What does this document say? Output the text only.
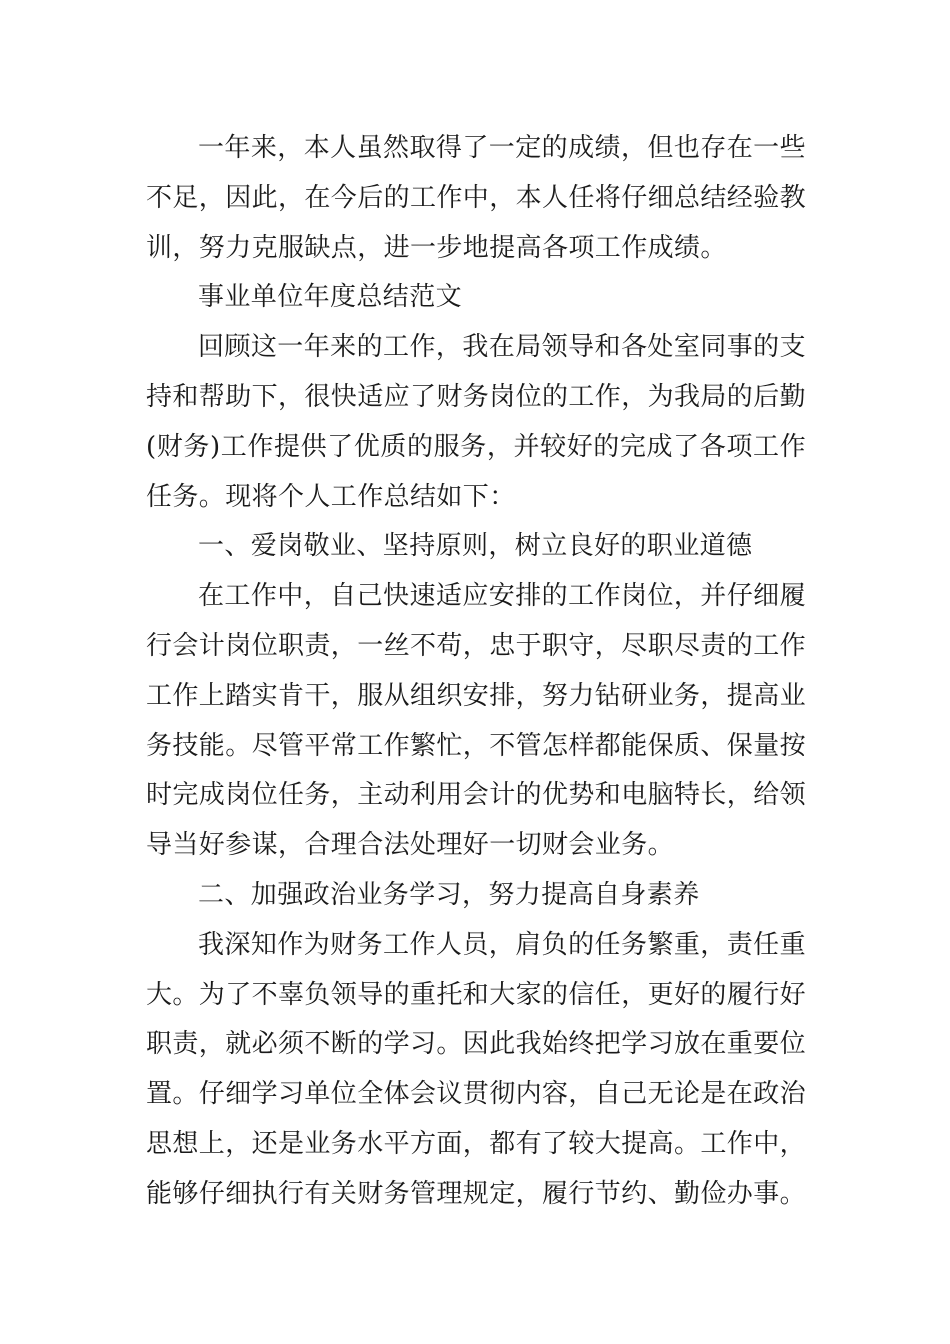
一年来，本人虽然取得了一定的成绩，但也存在一些不足，因此，在今后的工作中，本人任将仔细总结经验教训，努力克服缺点，进一步地提高各项工作成绩。

事业单位年度总结范文

回顾这一年来的工作，我在局领导和各处室同事的支持和帮助下，很快适应了财务岗位的工作，为我局的后勤(财务)工作提供了优质的服务，并较好的完成了各项工作任务。现将个人工作总结如下：

一、爱岗敬业、坚持原则，树立良好的职业道德

在工作中，自己快速适应安排的工作岗位，并仔细履行会计岗位职责，一丝不苟，忠于职守，尽职尽责的工作工作上踏实肯干，服从组织安排，努力钻研业务，提高业务技能。尽管平常工作繁忙，不管怎样都能保质、保量按时完成岗位任务，主动利用会计的优势和电脑特长，给领导当好参谋，合理合法处理好一切财会业务。

二、加强政治业务学习，努力提高自身素养

我深知作为财务工作人员，肩负的任务繁重，责任重大。为了不辜负领导的重托和大家的信任，更好的履行好职责，就必须不断的学习。因此我始终把学习放在重要位置。仔细学习单位全体会议贯彻内容，自己无论是在政治思想上，还是业务水平方面，都有了较大提高。工作中，能够仔细执行有关财务管理规定，履行节约、勤俭办事。
